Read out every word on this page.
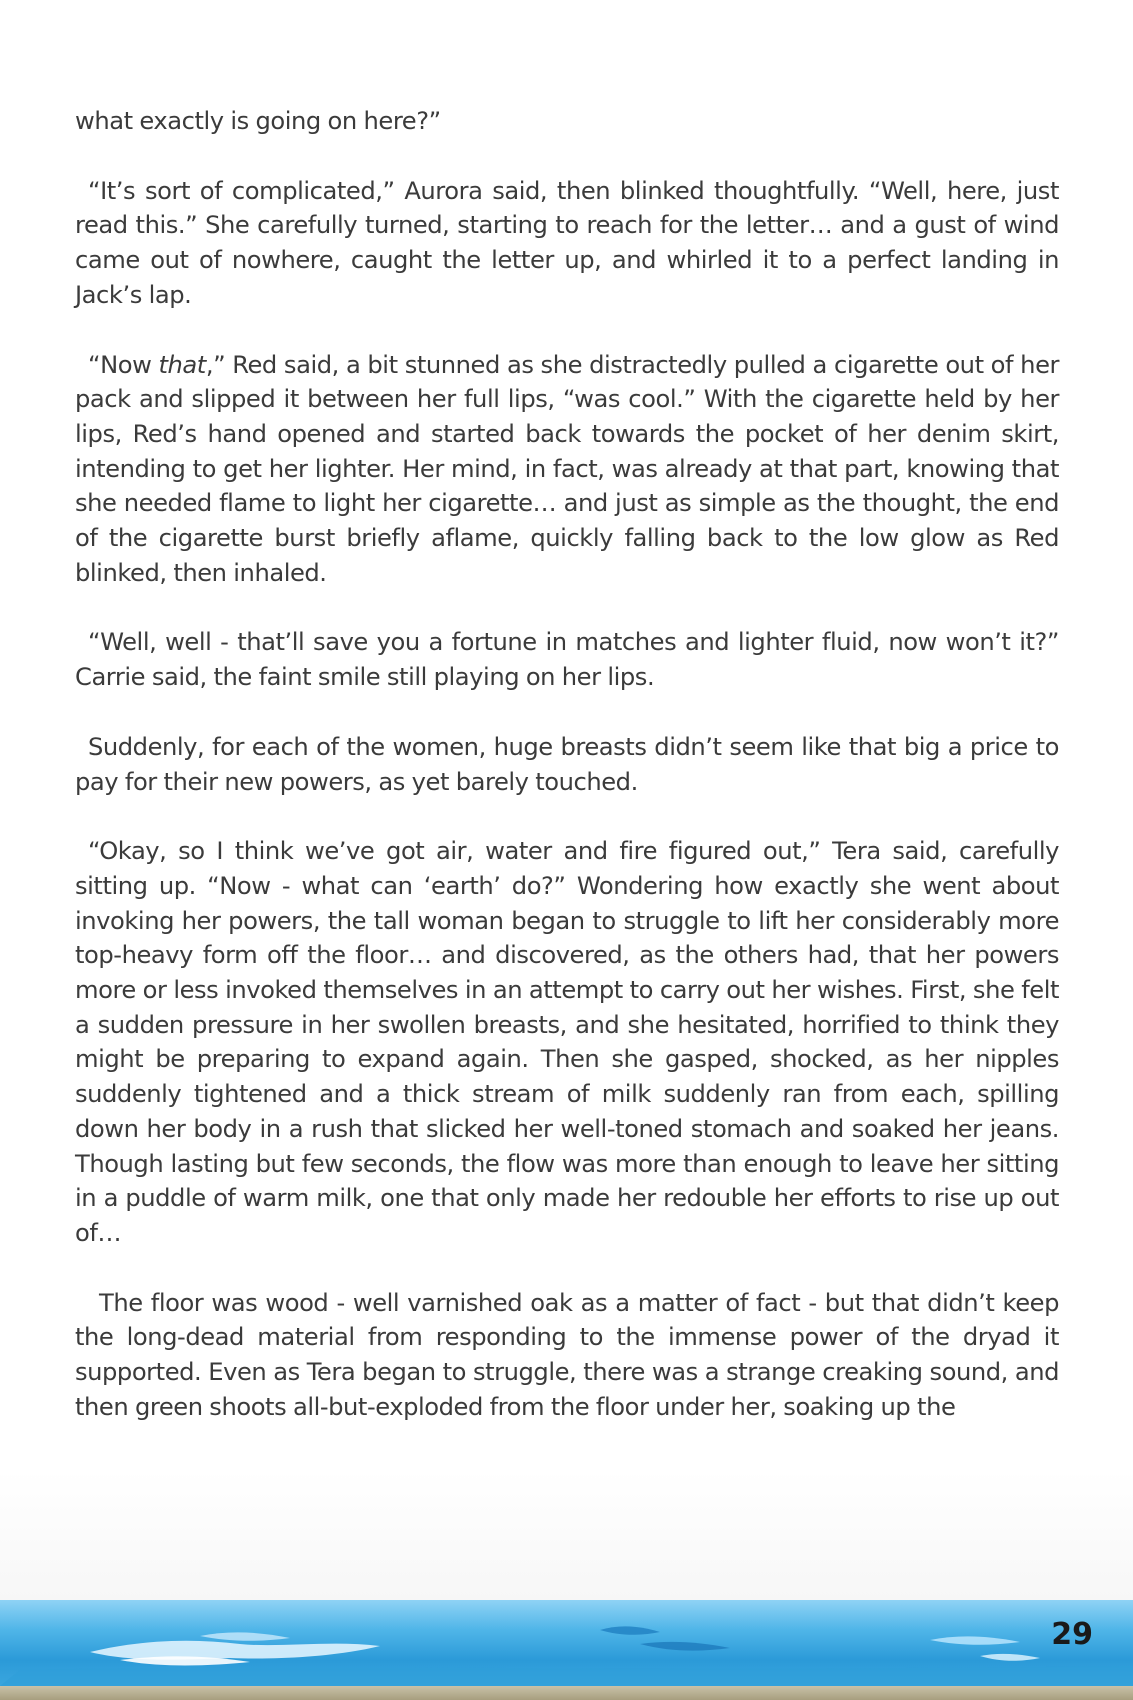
what exactly is going on here?”

“It’s sort of complicated,” Aurora said, then blinked thoughtfully. “Well, here, just read this.” She carefully turned, starting to reach for the letter… and a gust of wind came out of nowhere, caught the letter up, and whirled it to a perfect landing in Jack’s lap.

“Now that,” Red said, a bit stunned as she distractedly pulled a cigarette out of her pack and slipped it between her full lips, “was cool.” With the cigarette held by her lips, Red’s hand opened and started back towards the pocket of her denim skirt, intending to get her lighter. Her mind, in fact, was already at that part, knowing that she needed flame to light her cigarette… and just as simple as the thought, the end of the cigarette burst briefly aflame, quickly falling back to the low glow as Red blinked, then inhaled.

“Well, well - that’ll save you a fortune in matches and lighter fluid, now won’t it?” Carrie said, the faint smile still playing on her lips.

Suddenly, for each of the women, huge breasts didn’t seem like that big a price to pay for their new powers, as yet barely touched.

“Okay, so I think we’ve got air, water and fire figured out,” Tera said, carefully sitting up. “Now - what can ‘earth’ do?” Wondering how exactly she went about invoking her powers, the tall woman began to struggle to lift her considerably more top-heavy form off the floor… and discovered, as the others had, that her powers more or less invoked themselves in an attempt to carry out her wishes. First, she felt a sudden pressure in her swollen breasts, and she hesitated, horrified to think they might be preparing to expand again. Then she gasped, shocked, as her nipples suddenly tightened and a thick stream of milk suddenly ran from each, spilling down her body in a rush that slicked her well-toned stomach and soaked her jeans. Though lasting but few seconds, the flow was more than enough to leave her sitting in a puddle of warm milk, one that only made her redouble her efforts to rise up out of…

The floor was wood - well varnished oak as a matter of fact - but that didn’t keep the long-dead material from responding to the immense power of the dryad it supported. Even as Tera began to struggle, there was a strange creaking sound, and then green shoots all-but-exploded from the floor under her, soaking up the

29
